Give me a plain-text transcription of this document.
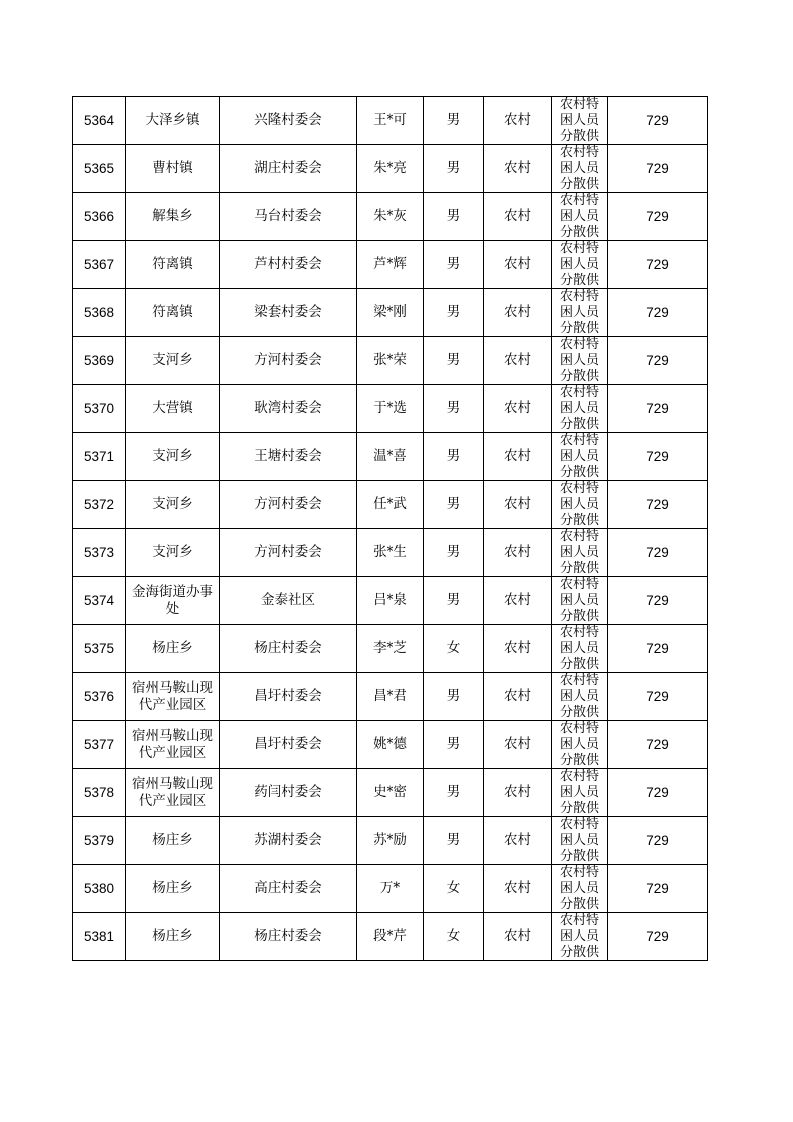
5364	大泽乡镇	兴隆村委会	王*可	男	农村	农村特困人员分散供	729

5365	曹村镇	湖庄村委会	朱*亮	男	农村	农村特困人员分散供	729

5366	解集乡	马台村委会	朱*灰	男	农村	农村特困人员分散供	729

5367	符离镇	芦村村委会	芦*辉	男	农村	农村特困人员分散供	729

5368	符离镇	梁套村委会	梁*刚	男	农村	农村特困人员分散供	729

5369	支河乡	方河村委会	张*荣	男	农村	农村特困人员分散供	729

5370	大营镇	耿湾村委会	于*选	男	农村	农村特困人员分散供	729

5371	支河乡	王塘村委会	温*喜	男	农村	农村特困人员分散供	729

5372	支河乡	方河村委会	任*武	男	农村	农村特困人员分散供	729

5373	支河乡	方河村委会	张*生	男	农村	农村特困人员分散供	729

5374	金海街道办事处	金泰社区	吕*泉	男	农村	农村特困人员分散供	729

5375	杨庄乡	杨庄村委会	李*芝	女	农村	农村特困人员分散供	729

5376	宿州马鞍山现代产业园区	昌圩村委会	昌*君	男	农村	农村特困人员分散供	729

5377	宿州马鞍山现代产业园区	昌圩村委会	姚*德	男	农村	农村特困人员分散供	729

5378	宿州马鞍山现代产业园区	药闫村委会	史*密	男	农村	农村特困人员分散供	729

5379	杨庄乡	苏湖村委会	苏*励	男	农村	农村特困人员分散供	729

5380	杨庄乡	高庄村委会	万*	女	农村	农村特困人员分散供	729

5381	杨庄乡	杨庄村委会	段*芹	女	农村	农村特困人员分散供	729
